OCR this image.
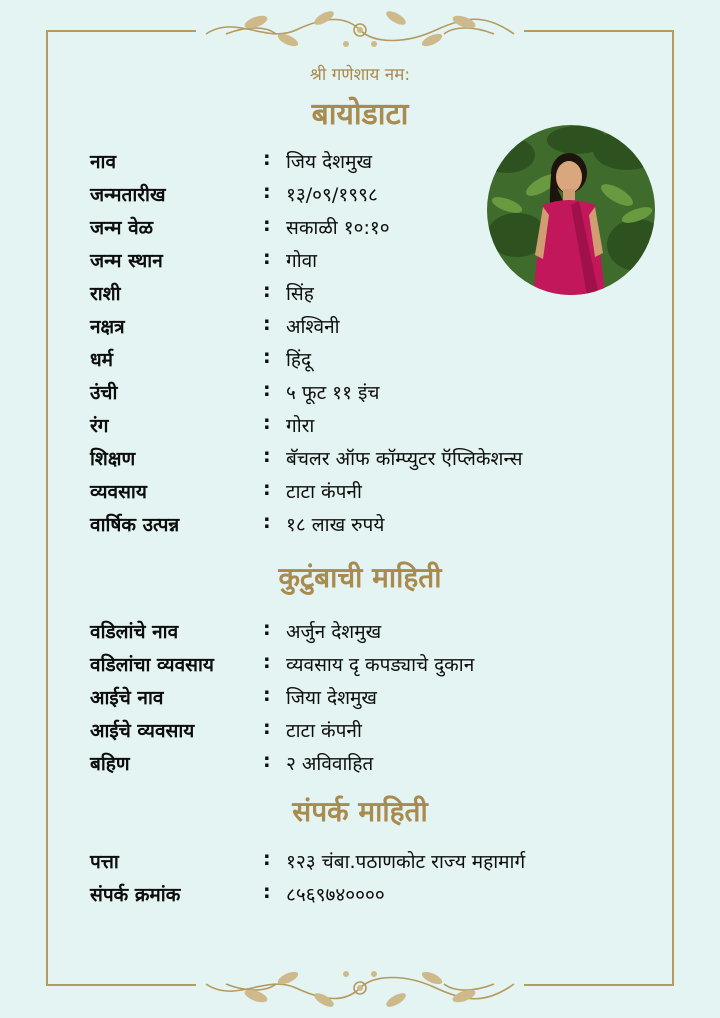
श्री गणेशाय नम:
बायोडाटा
नाव	: जिय देशमुख
जन्मतारीख	: १३/०९/१९९८
जन्म वेळ	: सकाळी १०:१०
जन्म स्थान	: गोवा
राशी	: सिंह
नक्षत्र	: अश्विनी
धर्म	: हिंदू
उंची	: ५ फूट ११ इंच
रंग	: गोरा
शिक्षण	: बॅचलर ऑफ कॉम्प्युटर ऍप्लिकेशन्स
व्यवसाय	: टाटा कंपनी
वार्षिक उत्पन्न	: १८ लाख रुपये
कुटुंबाची माहिती
वडिलांचे नाव	: अर्जुन देशमुख
वडिलांचा व्यवसाय	: व्यवसाय दृ कपड्याचे दुकान
आईचे नाव	: जिया देशमुख
आईचे व्यवसाय	: टाटा कंपनी
बहिण	: २ अविवाहित
संपर्क माहिती
पत्ता	: १२३ चंबा.पठाणकोट राज्य महामार्ग
संपर्क क्रमांक	: ८५६९७४००००
